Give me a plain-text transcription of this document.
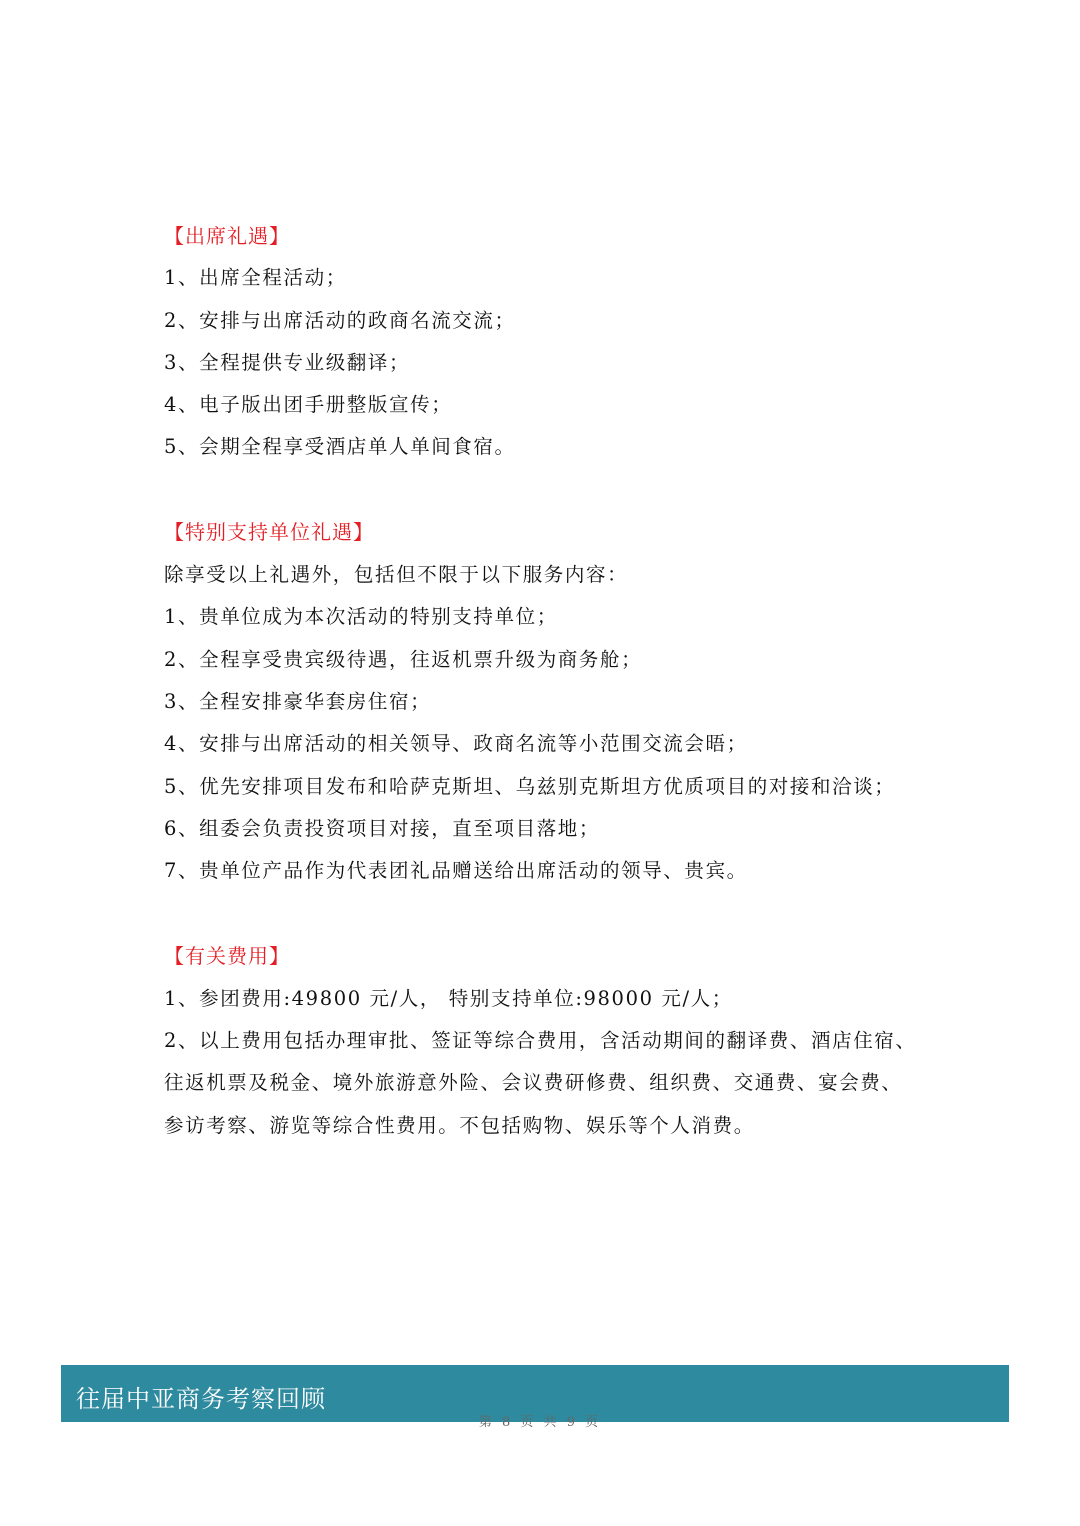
【出席礼遇】
1、出席全程活动；
2、安排与出席活动的政商名流交流；
3、全程提供专业级翻译；
4、电子版出团手册整版宣传；
5、会期全程享受酒店单人单间食宿。
【特别支持单位礼遇】
除享受以上礼遇外，包括但不限于以下服务内容：
1、贵单位成为本次活动的特别支持单位；
2、全程享受贵宾级待遇，往返机票升级为商务舱；
3、全程安排豪华套房住宿；
4、安排与出席活动的相关领导、政商名流等小范围交流会晤；
5、优先安排项目发布和哈萨克斯坦、乌兹别克斯坦方优质项目的对接和洽谈；
6、组委会负责投资项目对接，直至项目落地；
7、贵单位产品作为代表团礼品赠送给出席活动的领导、贵宾。
【有关费用】
1、参团费用:49800 元/人， 特别支持单位:98000 元/人；
2、以上费用包括办理审批、签证等综合费用，含活动期间的翻译费、酒店住宿、
往返机票及税金、境外旅游意外险、会议费研修费、组织费、交通费、宴会费、
参访考察、游览等综合性费用。不包括购物、娱乐等个人消费。
往届中亚商务考察回顾
第 8 页 共 9 页
